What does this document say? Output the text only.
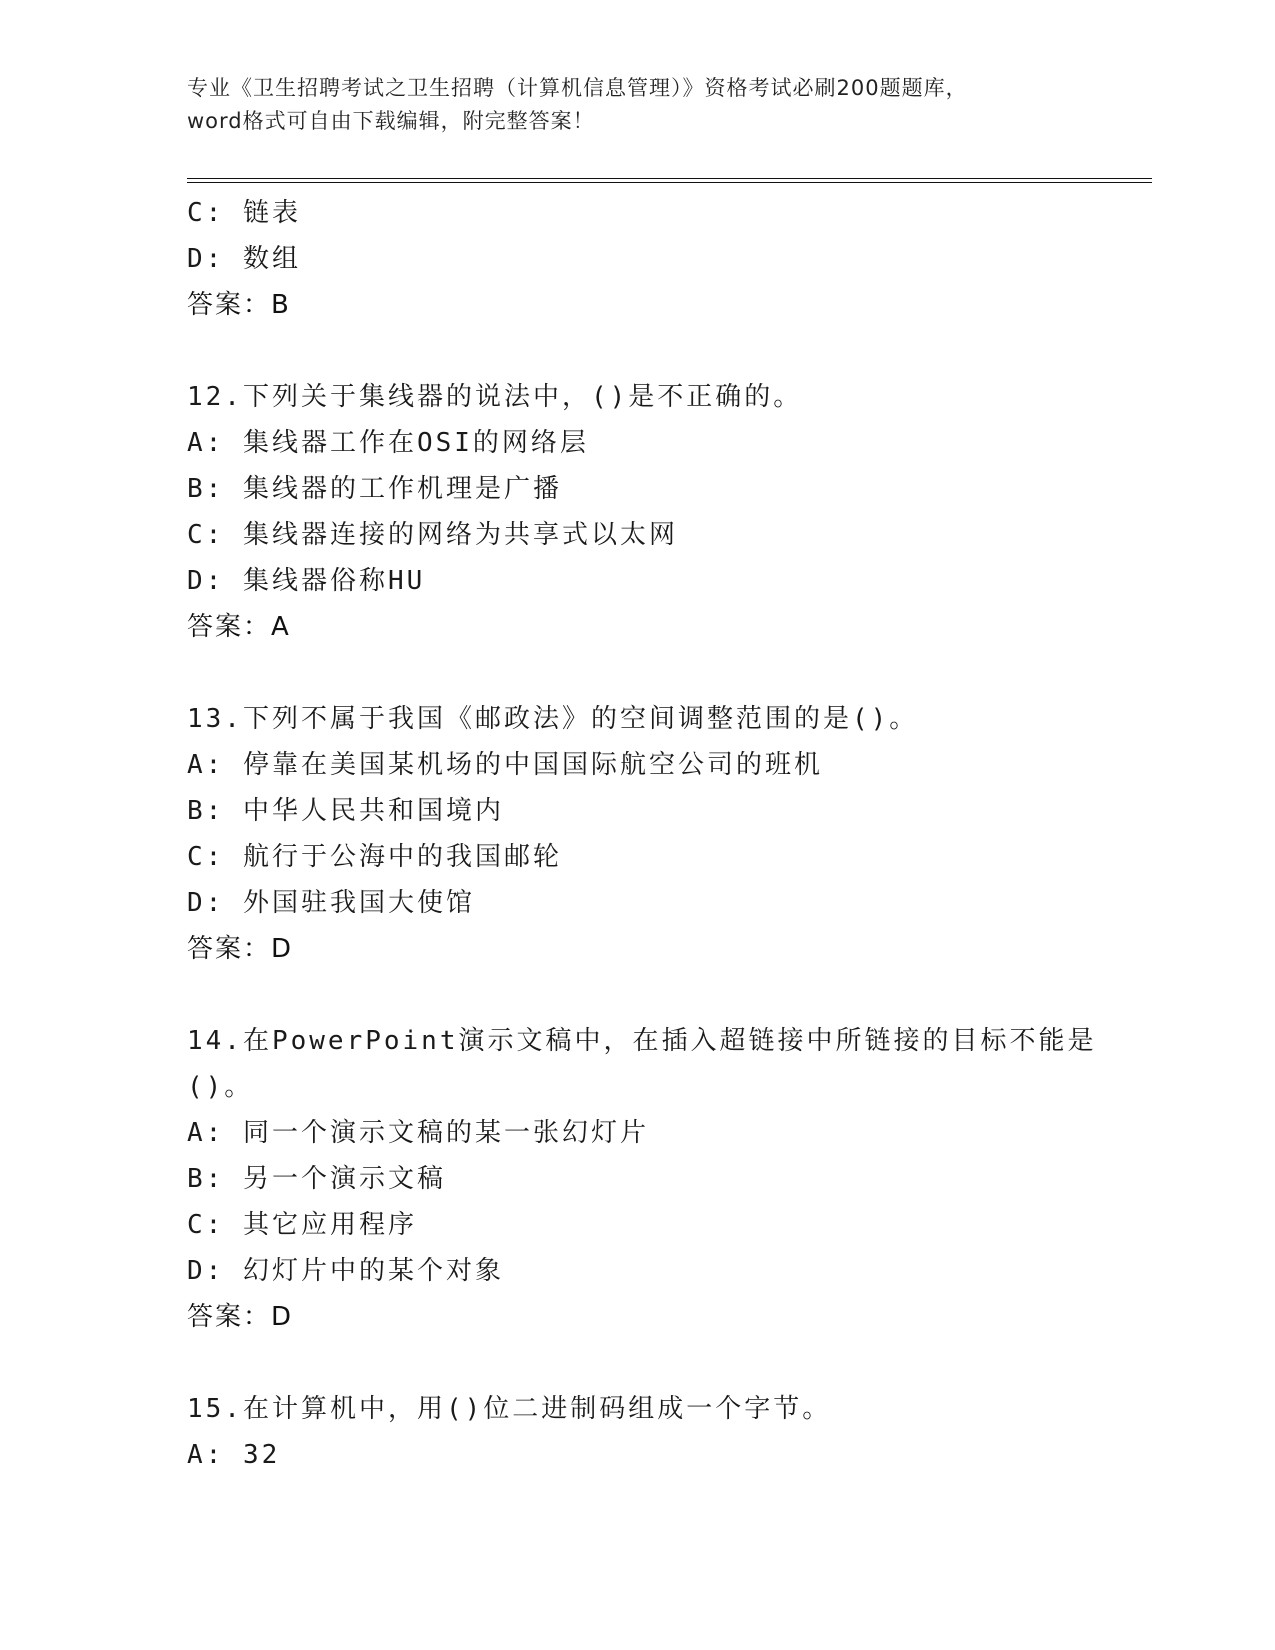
专业《卫生招聘考试之卫生招聘（计算机信息管理）》资格考试必刷200题题库，
word格式可自由下载编辑，附完整答案！
C: 链表
D: 数组
答案：B
12.下列关于集线器的说法中，()是不正确的。
A: 集线器工作在OSI的网络层
B: 集线器的工作机理是广播
C: 集线器连接的网络为共享式以太网
D: 集线器俗称HU
答案：A
13.下列不属于我国《邮政法》的空间调整范围的是()。
A: 停靠在美国某机场的中国国际航空公司的班机
B: 中华人民共和国境内
C: 航行于公海中的我国邮轮
D: 外国驻我国大使馆
答案：D
14.在PowerPoint演示文稿中，在插入超链接中所链接的目标不能是
()。
A: 同一个演示文稿的某一张幻灯片
B: 另一个演示文稿
C: 其它应用程序
D: 幻灯片中的某个对象
答案：D
15.在计算机中，用()位二进制码组成一个字节。
A: 32
